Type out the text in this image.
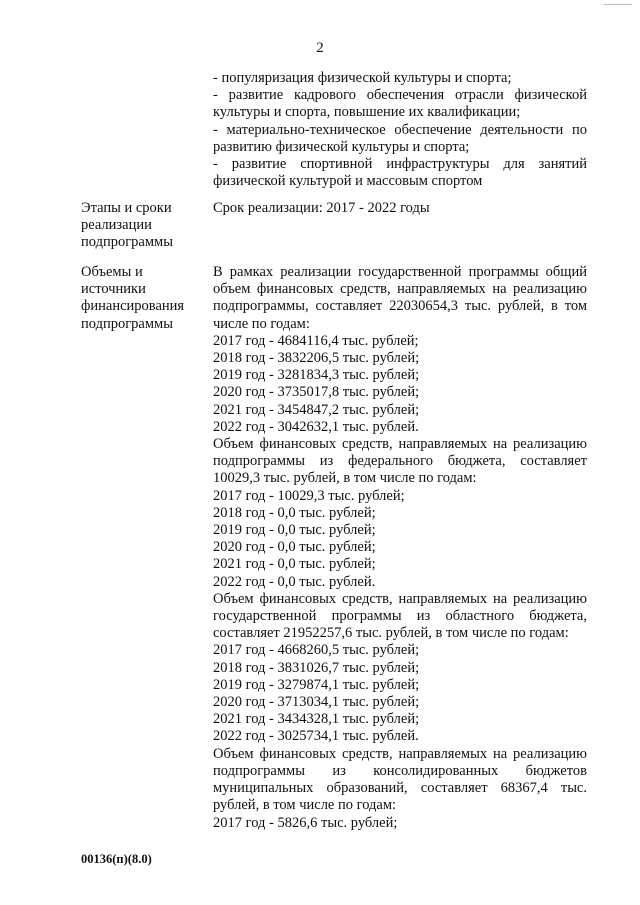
2
- популяризация физической культуры и спорта;
- развитие кадрового обеспечения отрасли физической
культуры и спорта, повышение их квалификации;
- материально-техническое обеспечение деятельности по
развитию физической культуры и спорта;
- развитие спортивной инфраструктуры для занятий
физической культурой и массовым спортом
Этапы и сроки
реализации
подпрограммы
Срок реализации: 2017 - 2022 годы
Объемы и
источники
финансирования
подпрограммы
В рамках реализации государственной программы общий
объем финансовых средств, направляемых на реализацию
подпрограммы, составляет 22030654,3 тыс. рублей, в том
числе по годам:
2017 год - 4684116,4 тыс. рублей;
2018 год - 3832206,5 тыс. рублей;
2019 год - 3281834,3 тыс. рублей;
2020 год - 3735017,8 тыс. рублей;
2021 год - 3454847,2 тыс. рублей;
2022 год - 3042632,1 тыс. рублей.
Объем финансовых средств, направляемых на реализацию
подпрограммы из федерального бюджета, составляет
10029,3 тыс. рублей, в том числе по годам:
2017 год - 10029,3 тыс. рублей;
2018 год - 0,0 тыс. рублей;
2019 год - 0,0 тыс. рублей;
2020 год - 0,0 тыс. рублей;
2021 год - 0,0 тыс. рублей;
2022 год - 0,0 тыс. рублей.
Объем финансовых средств, направляемых на реализацию
государственной программы из областного бюджета,
составляет 21952257,6 тыс. рублей, в том числе по годам:
2017 год - 4668260,5 тыс. рублей;
2018 год - 3831026,7 тыс. рублей;
2019 год - 3279874,1 тыс. рублей;
2020 год - 3713034,1 тыс. рублей;
2021 год - 3434328,1 тыс. рублей;
2022 год - 3025734,1 тыс. рублей.
Объем финансовых средств, направляемых на реализацию
подпрограммы из консолидированных бюджетов
муниципальных образований, составляет 68367,4 тыс.
рублей, в том числе по годам:
2017 год - 5826,6 тыс. рублей;
00136(п)(8.0)
